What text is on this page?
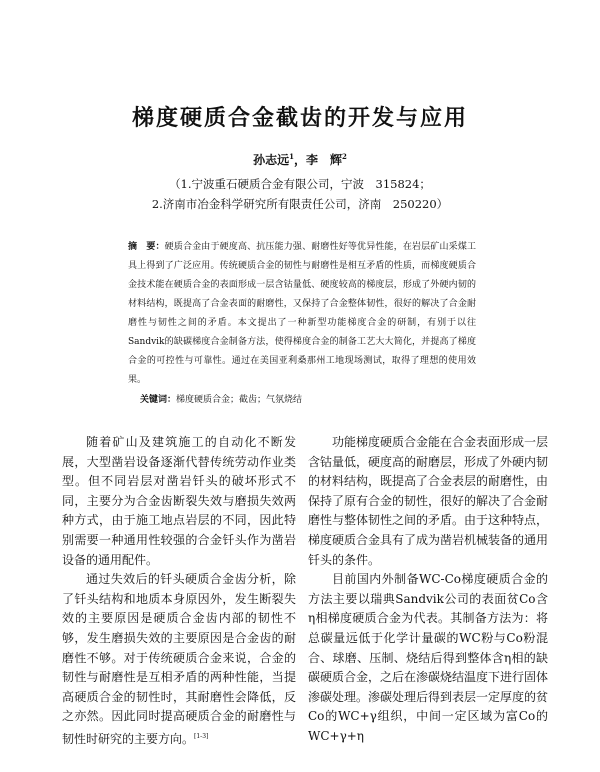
梯度硬质合金截齿的开发与应用
孙志远$^1$，李　辉$^2$
（1.宁波重石硬质合金有限公司，宁波　315824；
2.济南市冶金科学研究所有限责任公司，济南　250220）
摘　要：硬质合金由于硬度高、抗压能力强、耐磨性好等优异性能，在岩层矿山采煤工具上得到了广泛应用。传统硬质合金的韧性与耐磨性是相互矛盾的性质，而梯度硬质合金技术能在硬质合金的表面形成一层含钴量低、硬度较高的梯度层，形成了外硬内韧的材料结构，既提高了合金表面的耐磨性，又保持了合金整体韧性，很好的解决了合金耐磨性与韧性之间的矛盾。本文提出了一种新型功能梯度合金的研制，有别于以往Sandvik的缺碳梯度合金制备方法，使得梯度合金的制备工艺大大简化，并提高了梯度合金的可控性与可靠性。通过在美国亚利桑那州工地现场测试，取得了理想的使用效果。
关键词：梯度硬质合金；截齿；气氛烧结

随着矿山及建筑施工的自动化不断发展，大型凿岩设备逐渐代替传统劳动作业类型。但不同岩层对凿岩钎头的破坏形式不同，主要分为合金齿断裂失效与磨损失效两种方式，由于施工地点岩层的不同，因此特别需要一种通用性较强的合金钎头作为凿岩设备的通用配件。

通过失效后的钎头硬质合金齿分析，除了钎头结构和地质本身原因外，发生断裂失效的主要原因是硬质合金齿内部的韧性不够，发生磨损失效的主要原因是合金齿的耐磨性不够。对于传统硬质合金来说，合金的韧性与耐磨性是互相矛盾的两种性能，当提高硬质合金的韧性时，其耐磨性会降低，反之亦然。因此同时提高硬质合金的耐磨性与韧性时研究的主要方向。[1-3]

功能梯度硬质合金能在合金表面形成一层含钴量低，硬度高的耐磨层，形成了外硬内韧的材料结构，既提高了合金表层的耐磨性，由保持了原有合金的韧性，很好的解决了合金耐磨性与整体韧性之间的矛盾。由于这种特点，梯度硬质合金具有了成为凿岩机械装备的通用钎头的条件。

目前国内外制备WC-Co梯度硬质合金的方法主要以瑞典Sandvik公司的表面贫Co含η相梯度硬质合金为代表。其制备方法为：将总碳量远低于化学计量碳的WC粉与Co粉混合、球磨、压制、烧结后得到整体含η相的缺碳硬质合金，之后在渗碳烧结温度下进行固体渗碳处理。渗碳处理后得到表层一定厚度的贫Co的WC+γ组织，中间一定区域为富Co的WC+γ+η
